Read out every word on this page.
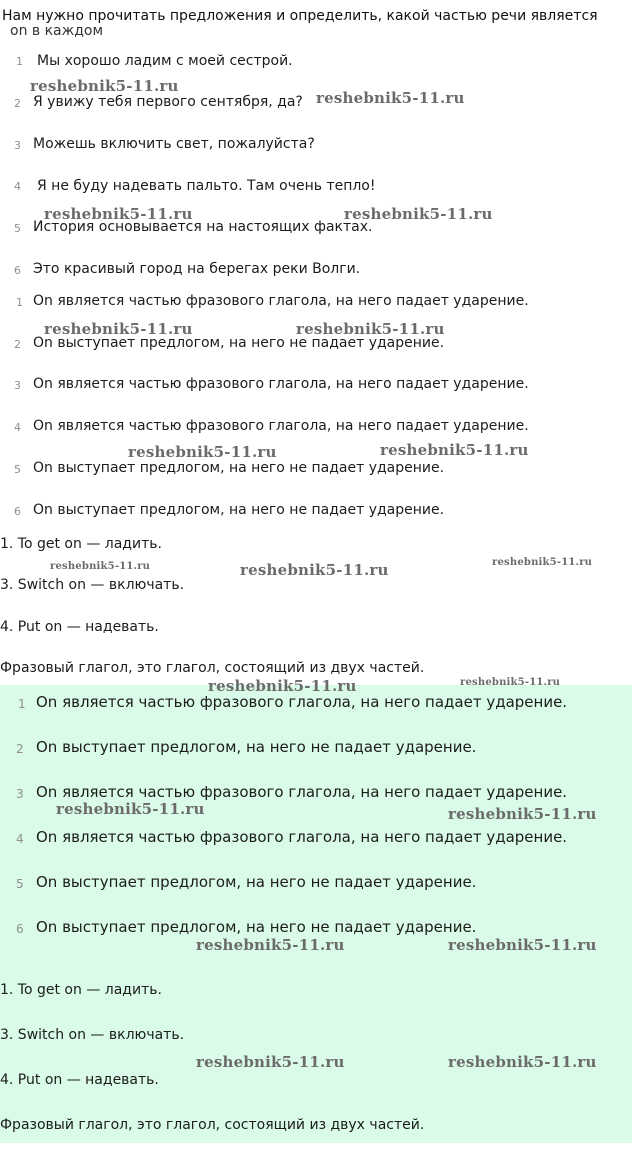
Нам нужно прочитать предложения и определить, какой частью речи является
on в каждом
1 Мы хорошо ладим с моей сестрой.
2 Я увижу тебя первого сентября, да?
3 Можешь включить свет, пожалуйста?
4 Я не буду надевать пальто. Там очень тепло!
5 История основывается на настоящих фактах.
6 Это красивый город на берегах реки Волги.
1 On является частью фразового глагола, на него падает ударение.
2 On выступает предлогом, на него не падает ударение.
3 On является частью фразового глагола, на него падает ударение.
4 On является частью фразового глагола, на него падает ударение.
5 On выступает предлогом, на него не падает ударение.
6 On выступает предлогом, на него не падает ударение.
1. To get on — ладить.
3. Switch on — включать.
4. Put on — надевать.
Фразовый глагол, это глагол, состоящий из двух частей.
1 On является частью фразового глагола, на него падает ударение.
2 On выступает предлогом, на него не падает ударение.
3 On является частью фразового глагола, на него падает ударение.
4 On является частью фразового глагола, на него падает ударение.
5 On выступает предлогом, на него не падает ударение.
6 On выступает предлогом, на него не падает ударение.
1. To get on — ладить.
3. Switch on — включать.
4. Put on — надевать.
Фразовый глагол, это глагол, состоящий из двух частей.
reshebnik5-11.ru
reshebnik5-11.ru
reshebnik5-11.ru	reshebnik5-11.ru
reshebnik5-11.ru	reshebnik5-11.ru
reshebnik5-11.ru	reshebnik5-11.ru
reshebnik5-11.ru	reshebnik5-11.ru	reshebnik5-11.ru
reshebnik5-11.ru	reshebnik5-11.ru
reshebnik5-11.ru	reshebnik5-11.ru
reshebnik5-11.ru	reshebnik5-11.ru
reshebnik5-11.ru	reshebnik5-11.ru
